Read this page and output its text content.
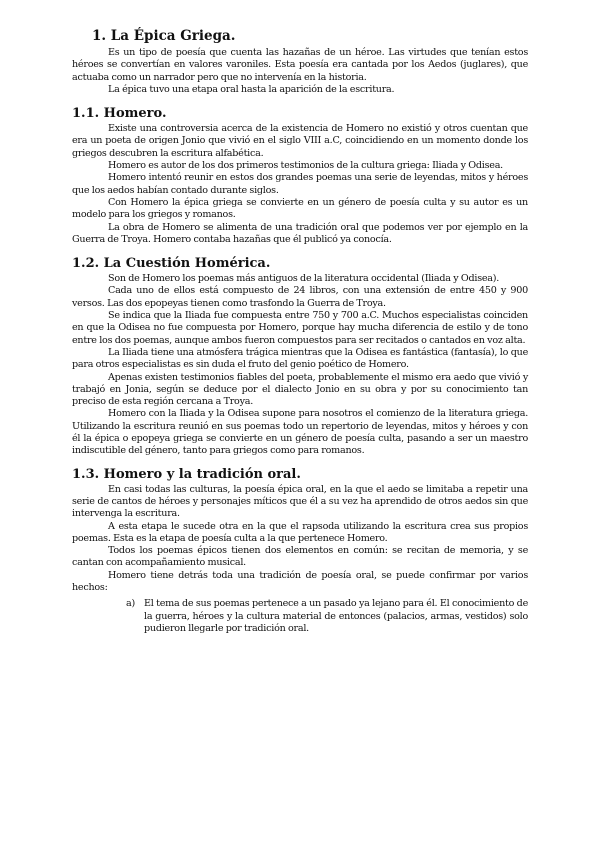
1. La Épica Griega.

Es un tipo de poesía que cuenta las hazañas de un héroe. Las virtudes que tenían estos héroes se convertían en valores varoniles. Esta poesía era cantada por los Aedos (juglares), que actuaba como un narrador pero que no intervenía en la historia.

La épica tuvo una etapa oral hasta la aparición de la escritura.

1.1. Homero.

Existe una controversia acerca de la existencia de Homero no existió y otros cuentan que era un poeta de origen Jonio que vivió en el siglo VIII a.C, coincidiendo en un momento donde los griegos descubren la escritura alfabética.

Homero es autor de los dos primeros testimonios de la cultura griega: Iliada y Odisea.

Homero intentó reunir en estos dos grandes poemas una serie de leyendas, mitos y héroes que los aedos habían contado durante siglos.

Con Homero la épica griega se convierte en un género de poesía culta y su autor es un modelo para los griegos y romanos.

La obra de Homero se alimenta de una tradición oral que podemos ver por ejemplo en la Guerra de Troya. Homero contaba hazañas que él publicó ya conocía.

1.2. La Cuestión Homérica.

Son de Homero los poemas más antiguos de la literatura occidental (Iliada y Odisea).

Cada uno de ellos está compuesto de 24 libros, con una extensión de entre 450 y 900 versos. Las dos epopeyas tienen como trasfondo la Guerra de Troya.

Se indica que la Iliada fue compuesta entre 750 y 700 a.C. Muchos especialistas coinciden en que la Odisea no fue compuesta por Homero, porque hay mucha diferencia de estilo y de tono entre los dos poemas, aunque ambos fueron compuestos para ser recitados o cantados en voz alta.

La Iliada tiene una atmósfera trágica mientras que la Odisea es fantástica (fantasía), lo que para otros especialistas es sin duda el fruto del genio poético de Homero.

Apenas existen testimonios fiables del poeta, probablemente el mismo era aedo que vivió y trabajó en Jonia, según se deduce por el dialecto Jonio en su obra y por su conocimiento tan preciso de esta región cercana a Troya.

Homero con la Iliada y la Odisea supone para nosotros el comienzo de la literatura griega. Utilizando la escritura reunió en sus poemas todo un repertorio de leyendas, mitos y héroes y con él la épica o epopeya griega se convierte en un género de poesía culta, pasando a ser un maestro indiscutible del género, tanto para griegos como para romanos.

1.3. Homero y la tradición oral.

En casi todas las culturas, la poesía épica oral, en la que el aedo se limitaba a repetir una serie de cantos de héroes y personajes míticos que él a su vez ha aprendido de otros aedos sin que intervenga la escritura.

A esta etapa le sucede otra en la que el rapsoda utilizando la escritura crea sus propios poemas. Esta es la etapa de poesía culta a la que pertenece Homero.

Todos los poemas épicos tienen dos elementos en común: se recitan de memoria, y se cantan con acompañamiento musical.

Homero tiene detrás toda una tradición de poesía oral, se puede confirmar por varios hechos:

a) El tema de sus poemas pertenece a un pasado ya lejano para él. El conocimiento de la guerra, héroes y la cultura material de entonces (palacios, armas, vestidos) solo pudieron llegarle por tradición oral.
